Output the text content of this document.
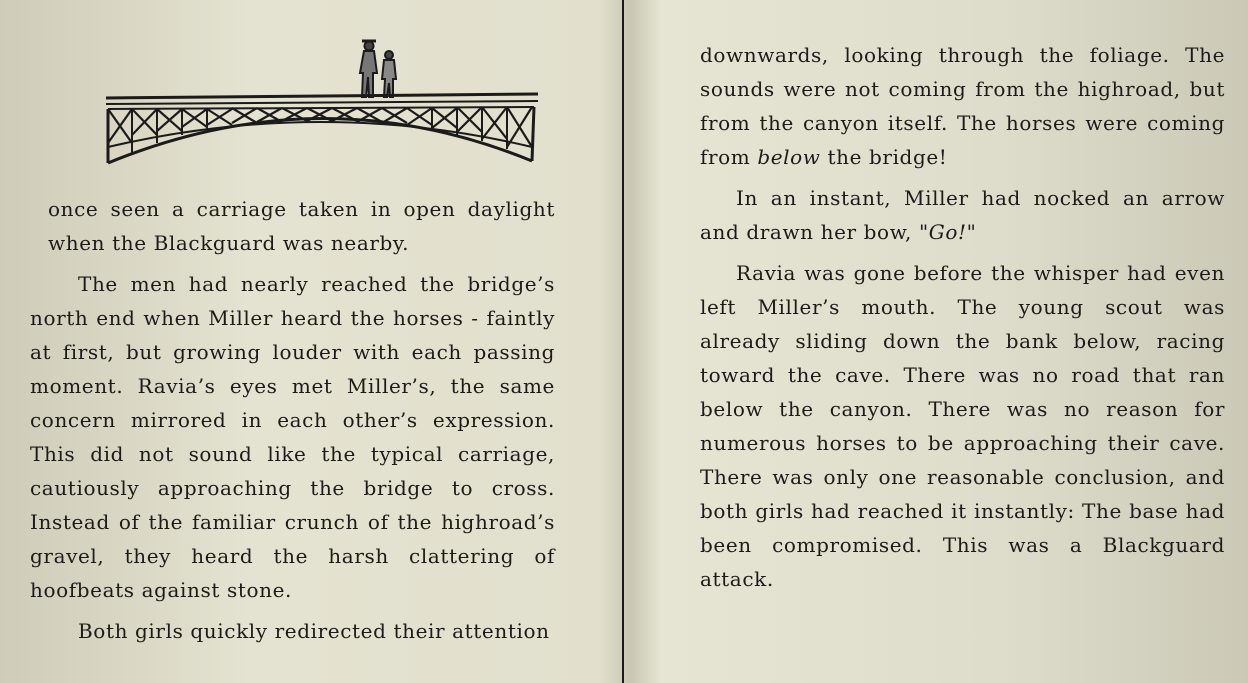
once seen a carriage taken in open daylight when the Blackguard was nearby.

The men had nearly reached the bridge’s north end when Miller heard the horses - faintly at first, but growing louder with each passing moment. Ravia’s eyes met Miller’s, the same concern mirrored in each other’s expression. This did not sound like the typical carriage, cautiously approaching the bridge to cross. Instead of the familiar crunch of the highroad’s gravel, they heard the harsh clattering of hoofbeats against stone.

Both girls quickly redirected their attention

downwards, looking through the foliage. The sounds were not coming from the highroad, but from the canyon itself. The horses were coming from below the bridge!

In an instant, Miller had nocked an arrow and drawn her bow, "Go!"

Ravia was gone before the whisper had even left Miller’s mouth. The young scout was already sliding down the bank below, racing toward the cave. There was no road that ran below the canyon. There was no reason for numerous horses to be approaching their cave. There was only one reasonable conclusion, and both girls had reached it instantly: The base had been compromised. This was a Blackguard attack.
